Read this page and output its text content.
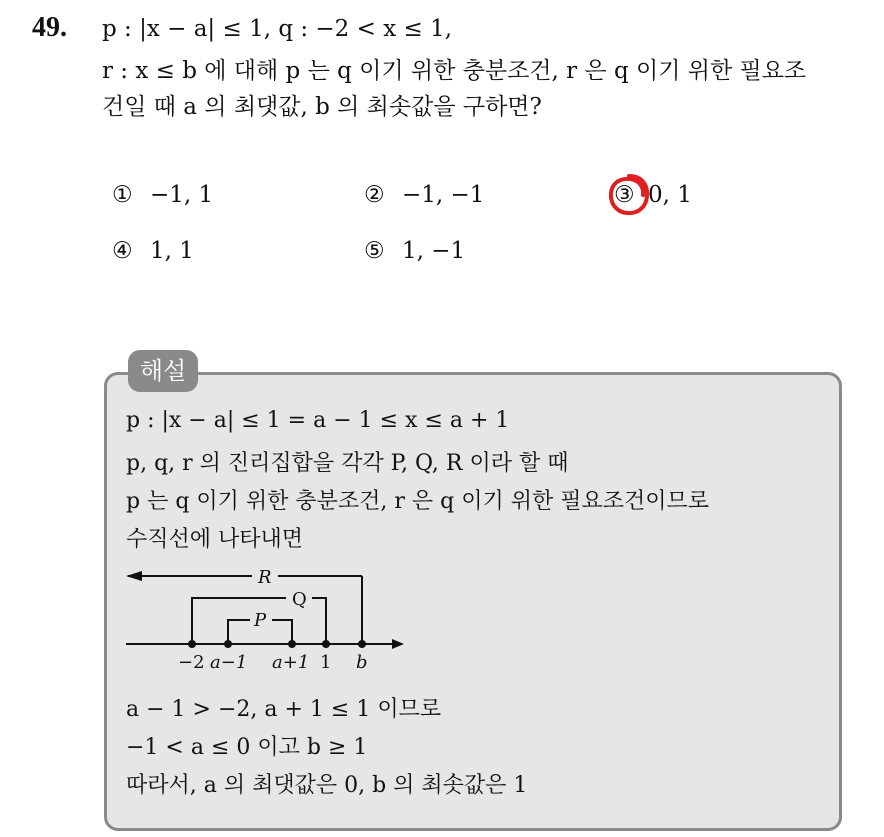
49. p : |x − a| ≤ 1, q : −2 < x ≤ 1,
r : x ≤ b 에 대해 p 는 q 이기 위한 충분조건, r 은 q 이기 위한 필요조
건일 때 a 의 최댓값, b 의 최솟값을 구하면?
① −1, 1	② −1, −1	③ 0, 1
④ 1, 1	⑤ 1, −1
해설
p : |x − a| ≤ 1 = a − 1 ≤ x ≤ a + 1
p, q, r 의 진리집합을 각각 P, Q, R 이라 할 때
p 는 q 이기 위한 충분조건, r 은 q 이기 위한 필요조건이므로
수직선에 나타내면
R
Q
P
−2 a−1 a+1 1 b
a − 1 > −2, a + 1 ≤ 1 이므로
−1 < a ≤ 0 이고 b ≥ 1
따라서, a 의 최댓값은 0, b 의 최솟값은 1
